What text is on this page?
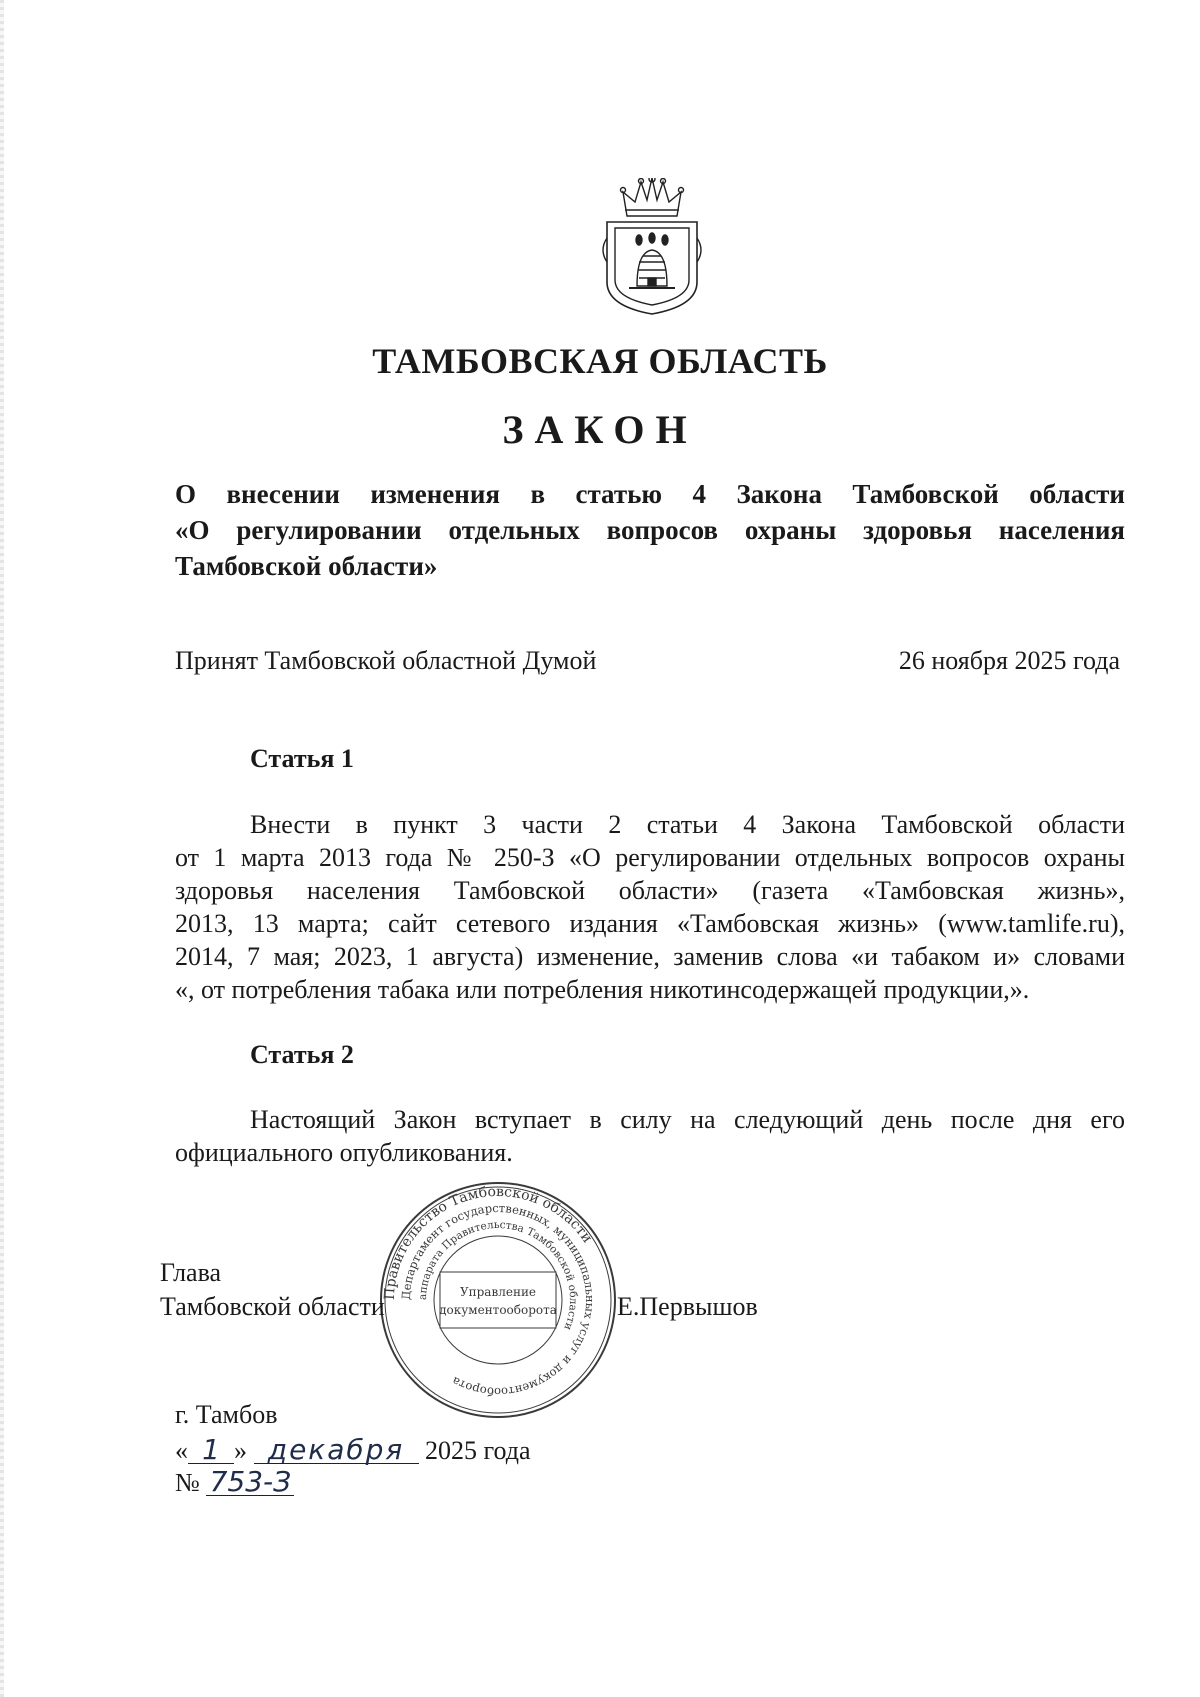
ТАМБОВСКАЯ ОБЛАСТЬ
ЗАКОН
О внесении изменения в статью 4 Закона Тамбовской области
«О регулировании отдельных вопросов охраны здоровья населения
Тамбовской области»
Принят Тамбовской областной Думой	26 ноября 2025 года
Статья 1
Внести в пункт 3 части 2 статьи 4 Закона Тамбовской области
от 1 марта 2013 года № 250-З «О регулировании отдельных вопросов охраны
здоровья населения Тамбовской области» (газета «Тамбовская жизнь»,
2013, 13 марта; сайт сетевого издания «Тамбовская жизнь» (www.tamlife.ru),
2014, 7 мая; 2023, 1 августа) изменение, заменив слова «и табаком и» словами
«, от потребления табака или потребления никотинсодержащей продукции,».
Статья 2
Настоящий Закон вступает в силу на следующий день после дня его
официального опубликования.
Правительство Тамбовской области
Департамент государственных, муниципальных услуг и документооборота
аппарата Правительства Тамбовской области
Управление
документооборота
Глава
Тамбовской области	Е.Первышов
г. Тамбов
« 1 » декабря 2025 года
№ 753-З
